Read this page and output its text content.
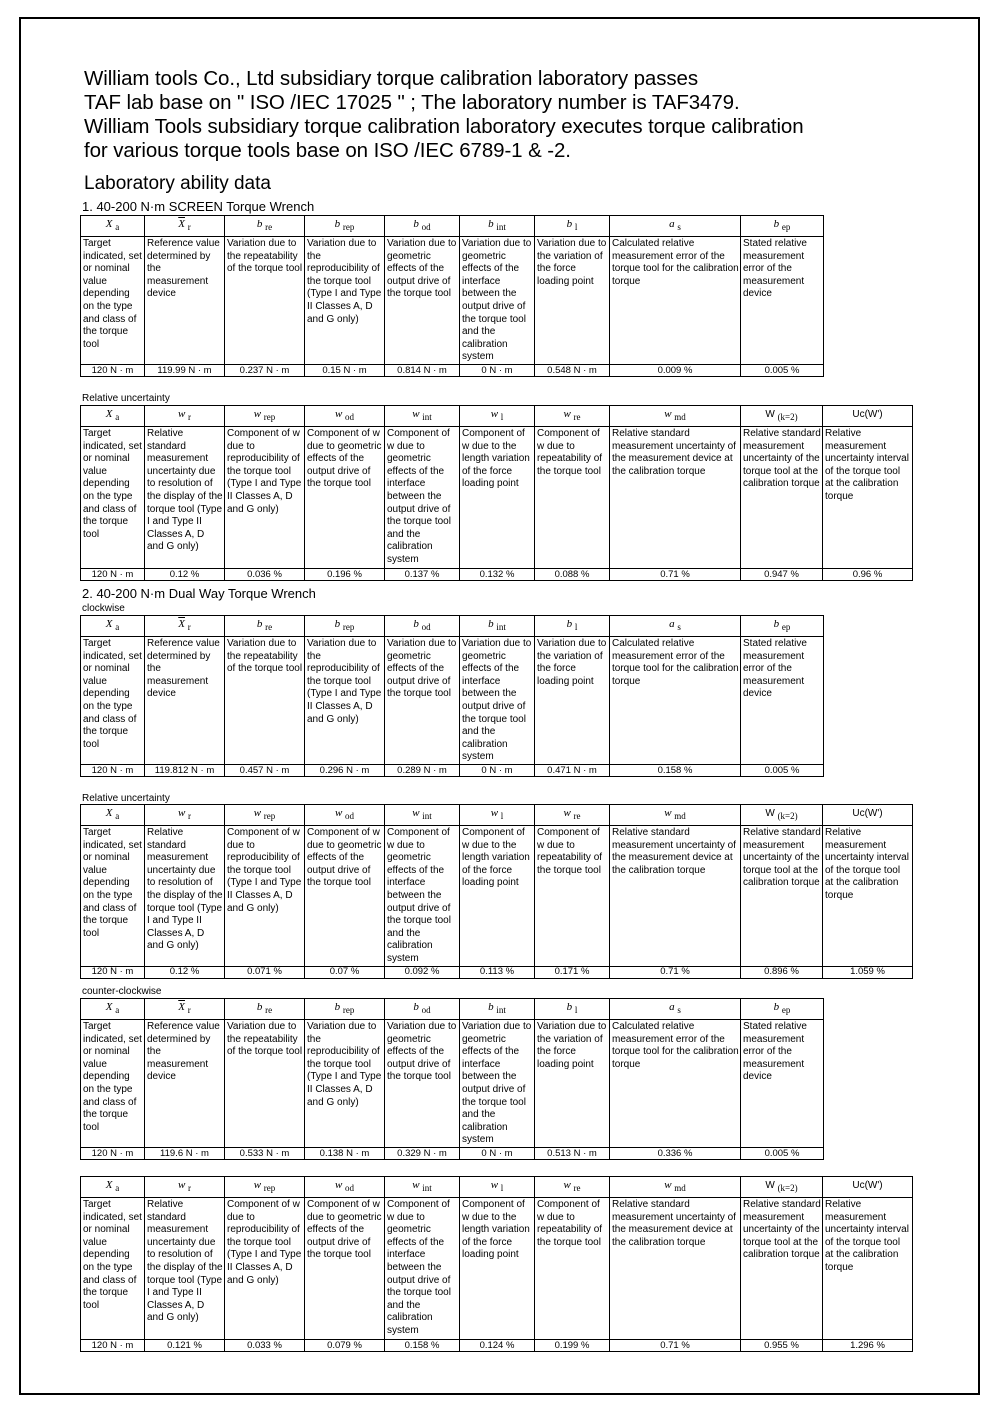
William tools Co., Ltd subsidiary torque calibration laboratory passes

TAF lab base on " ISO /IEC 17025 " ; The laboratory number is TAF3479.

William Tools subsidiary torque calibration laboratory executes torque calibration

for various torque tools base on ISO /IEC 6789-1 & -2.

Laboratory ability data
1. 40-200 N·m SCREEN Torque Wrench
X $_a$	$\overline{X}$ $_r$	b $_{re}$	b $_{rep}$	b $_{od}$	b $_{int}$	b $_l$	a $_s$	b $_{ep}$
Target indicated, set or nominal value depending on the type and class of the torque tool	Reference value determined by the measurement device	Variation due to the repeatability of the torque tool	Variation due to the reproducibility of the torque tool (Type I and Type II Classes A, D and G only)	Variation due to geometric effects of the output drive of the torque tool	Variation due to geometric effects of the interface between the output drive of the torque tool and the calibration system	Variation due to the variation of the force loading point	Calculated relative measurement error of the torque tool for the calibration torque	Stated relative measurement error of the measurement device
120 N · m	119.99 N · m	0.237 N · m	0.15 N · m	0.814 N · m	0 N · m	0.548 N · m	0.009 %	0.005 %
Relative uncertainty
X $_a$	w $_r$	w $_{rep}$	w $_{od}$	w $_{int}$	w $_l$	w $_{re}$	w $_{md}$	W $_{(k=2)}$	Uc(W')
Target indicated, set or nominal value depending on the type and class of the torque tool	Relative standard measurement uncertainty due to resolution of the display of the torque tool (Type I and Type II Classes A, D and G only)	Component of w due to reproducibility of the torque tool (Type I and Type II Classes A, D and G only)	Component of w due to geometric effects of the output drive of the torque tool	Component of w due to geometric effects of the interface between the output drive of the torque tool and the calibration system	Component of w due to the length variation of the force loading point	Component of w due to repeatability of the torque tool	Relative standard measurement uncertainty of the measurement device at the calibration torque	Relative standard measurement uncertainty of the torque tool at the calibration torque	Relative measurement uncertainty interval of the torque tool at the calibration torque
120 N · m	0.12 %	0.036 %	0.196 %	0.137 %	0.132 %	0.088 %	0.71 %	0.947 %	0.96 %
2. 40-200 N·m Dual Way Torque Wrench
clockwise
X $_a$	$\overline{X}$ $_r$	b $_{re}$	b $_{rep}$	b $_{od}$	b $_{int}$	b $_l$	a $_s$	b $_{ep}$
Target indicated, set or nominal value depending on the type and class of the torque tool	Reference value determined by the measurement device	Variation due to the repeatability of the torque tool	Variation due to the reproducibility of the torque tool (Type I and Type II Classes A, D and G only)	Variation due to geometric effects of the output drive of the torque tool	Variation due to geometric effects of the interface between the output drive of the torque tool and the calibration system	Variation due to the variation of the force loading point	Calculated relative measurement error of the torque tool for the calibration torque	Stated relative measurement error of the measurement device
120 N · m	119.812 N · m	0.457 N · m	0.296 N · m	0.289 N · m	0 N · m	0.471 N · m	0.158 %	0.005 %
Relative uncertainty
X $_a$	w $_r$	w $_{rep}$	w $_{od}$	w $_{int}$	w $_l$	w $_{re}$	w $_{md}$	W $_{(k=2)}$	Uc(W')
Target indicated, set or nominal value depending on the type and class of the torque tool	Relative standard measurement uncertainty due to resolution of the display of the torque tool (Type I and Type II Classes A, D and G only)	Component of w due to reproducibility of the torque tool (Type I and Type II Classes A, D and G only)	Component of w due to geometric effects of the output drive of the torque tool	Component of w due to geometric effects of the interface between the output drive of the torque tool and the calibration system	Component of w due to the length variation of the force loading point	Component of w due to repeatability of the torque tool	Relative standard measurement uncertainty of the measurement device at the calibration torque	Relative standard measurement uncertainty of the torque tool at the calibration torque	Relative measurement uncertainty interval of the torque tool at the calibration torque
120 N · m	0.12 %	0.071 %	0.07 %	0.092 %	0.113 %	0.171 %	0.71 %	0.896 %	1.059 %
counter-clockwise
X $_a$	$\overline{X}$ $_r$	b $_{re}$	b $_{rep}$	b $_{od}$	b $_{int}$	b $_l$	a $_s$	b $_{ep}$
Target indicated, set or nominal value depending on the type and class of the torque tool	Reference value determined by the measurement device	Variation due to the repeatability of the torque tool	Variation due to the reproducibility of the torque tool (Type I and Type II Classes A, D and G only)	Variation due to geometric effects of the output drive of the torque tool	Variation due to geometric effects of the interface between the output drive of the torque tool and the calibration system	Variation due to the variation of the force loading point	Calculated relative measurement error of the torque tool for the calibration torque	Stated relative measurement error of the measurement device
120 N · m	119.6 N · m	0.533 N · m	0.138 N · m	0.329 N · m	0 N · m	0.513 N · m	0.336 %	0.005 %
X $_a$	w $_r$	w $_{rep}$	w $_{od}$	w $_{int}$	w $_l$	w $_{re}$	w $_{md}$	W $_{(k=2)}$	Uc(W')
Target indicated, set or nominal value depending on the type and class of the torque tool	Relative standard measurement uncertainty due to resolution of the display of the torque tool (Type I and Type II Classes A, D and G only)	Component of w due to reproducibility of the torque tool (Type I and Type II Classes A, D and G only)	Component of w due to geometric effects of the output drive of the torque tool	Component of w due to geometric effects of the interface between the output drive of the torque tool and the calibration system	Component of w due to the length variation of the force loading point	Component of w due to repeatability of the torque tool	Relative standard measurement uncertainty of the measurement device at the calibration torque	Relative standard measurement uncertainty of the torque tool at the calibration torque	Relative measurement uncertainty interval of the torque tool at the calibration torque
120 N · m	0.121 %	0.033 %	0.079 %	0.158 %	0.124 %	0.199 %	0.71 %	0.955 %	1.296 %
